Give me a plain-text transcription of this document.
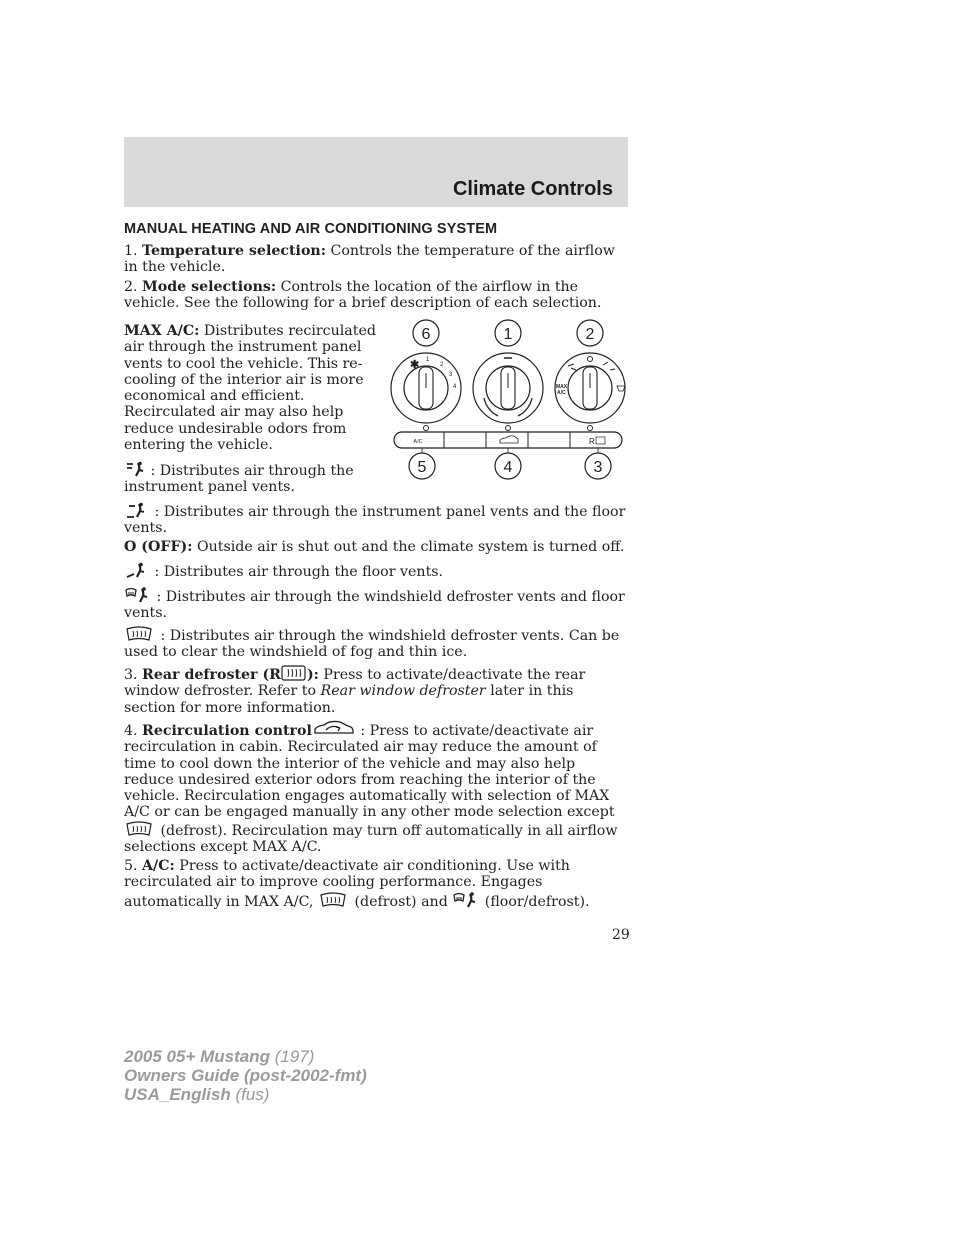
Climate Controls
MANUAL HEATING AND AIR CONDITIONING SYSTEM

1. Temperature selection: Controls the temperature of the airflow in the vehicle.

2. Mode selections: Controls the location of the airflow in the vehicle. See the following for a brief description of each selection.

MAX A/C: Distributes recirculated air through the instrument panel vents to cool the vehicle. This re-cooling of the interior air is more economical and efficient. Recirculated air may also help reduce undesirable odors from entering the vehicle.

: Distributes air through the instrument panel vents.

: Distributes air through the instrument panel vents and the floor vents.

O (OFF): Outside air is shut out and the climate system is turned off.

: Distributes air through the floor vents.

: Distributes air through the windshield defroster vents and floor vents.

: Distributes air through the windshield defroster vents. Can be used to clear the windshield of fog and thin ice.

3. Rear defroster (R ): Press to activate/deactivate the rear window defroster. Refer to Rear window defroster later in this section for more information.

4. Recirculation control	: Press to activate/deactivate air recirculation in cabin. Recirculated air may reduce the amount of time to cool down the interior of the vehicle and may also help reduce undesired exterior odors from reaching the interior of the vehicle. Recirculation engages automatically with selection of MAX A/C or can be engaged manually in any other mode selection except  (defrost). Recirculation may turn off automatically in all airflow selections except MAX A/C.

5. A/C: Press to activate/deactivate air conditioning. Use with recirculated air to improve cooling performance. Engages automatically in MAX A/C,  (defrost) and  (floor/defrost).

6	1	2
✱ 1
2
3
4	MAX
A/C
A/C	R
5	4	3
29
2005 05+ Mustang (197)
Owners Guide (post-2002-fmt)
USA_English (fus)
